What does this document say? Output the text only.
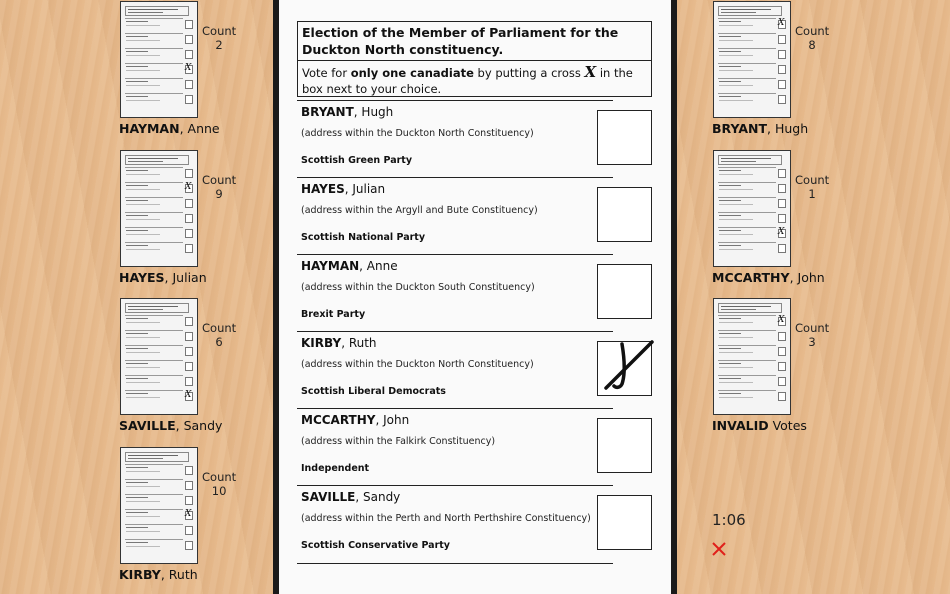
Election of the Member of Parliament for the Duckton North constituency.
Vote for only one canadiate by putting a cross X in the box next to your choice.
BRYANT, Hugh
(address within the Duckton North Constituency)
Scottish Green Party
HAYES, Julian
(address within the Argyll and Bute Constituency)
Scottish National Party
HAYMAN, Anne
(address within the Duckton South Constituency)
Brexit Party
KIRBY, Ruth
(address within the Duckton North Constituency)
Scottish Liberal Democrats
MCCARTHY, John
(address within the Falkirk Constituency)
Independent
SAVILLE, Sandy
(address within the Perth and North Perthshire Constituency)
Scottish Conservative Party
X
Count
2
HAYMAN, Anne
X Count
9
HAYES, Julian
X
Count
6
SAVILLE, Sandy
X
Count
10
KIRBY, Ruth
X
Count
8
BRYANT, Hugh
X
Count
1
MCCARTHY, John
X
Count
3
INVALID Votes
1:06
